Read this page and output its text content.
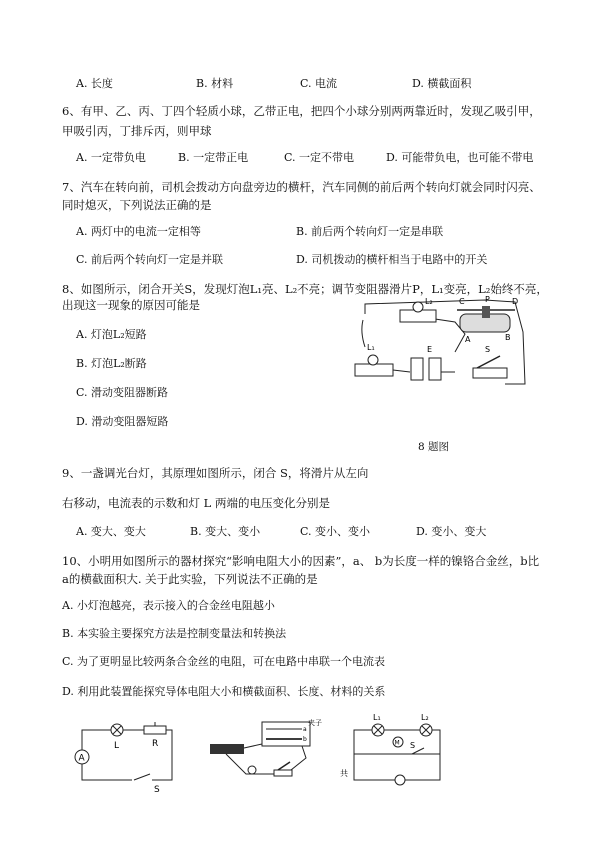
A. 长度	B. 材料	C. 电流	D. 横截面积
6、有甲、乙、丙、丁四个轻质小球，乙带正电，把四个小球分别两两靠近时，发现乙吸引甲，
甲吸引丙，丁排斥丙，则甲球
A. 一定带负电	B. 一定带正电	C. 一定不带电	D. 可能带负电，也可能不带电
7、汽车在转向前，司机会拨动方向盘旁边的横杆，汽车同侧的前后两个转向灯就会同时闪亮、
同时熄灭，下列说法正确的是
A. 两灯中的电流一定相等	B. 前后两个转向灯一定是串联
C. 前后两个转向灯一定是并联	D. 司机拨动的横杆相当于电路中的开关
8、如图所示，闭合开关S，发现灯泡L₁亮、L₂不亮；调节变阻器滑片P，L₁变亮，L₂始终不亮，
出现这一现象的原因可能是
A. 灯泡L₂短路
B. 灯泡L₂断路
C. 滑动变阻器断路
D. 滑动变阻器短路
L₂	C	P	D
A	B
L₁	E	S
8 题图
9、一盏调光台灯，其原理如图所示，闭合 S，将滑片从左向
右移动，电流表的示数和灯 L 两端的电压变化分别是
A. 变大、变大	B. 变大、变小	C. 变小、变小	D. 变小、变大
10、小明用如图所示的器材探究“影响电阻大小的因素”，a、 b为长度一样的镍铬合金丝，b比
a的横截面积大. 关于此实验，下列说法不正确的是
A. 小灯泡越亮，表示接入的合金丝电阻越小
B. 本实验主要探究方法是控制变量法和转换法
C. 为了更明显比较两条合金丝的电阻，可在电路中串联一个电流表
D. 利用此装置能探究导体电阻大小和横截面积、长度、材料的关系
A
L	R
S
a
b
夹子
L₁	L₂
M S
共
